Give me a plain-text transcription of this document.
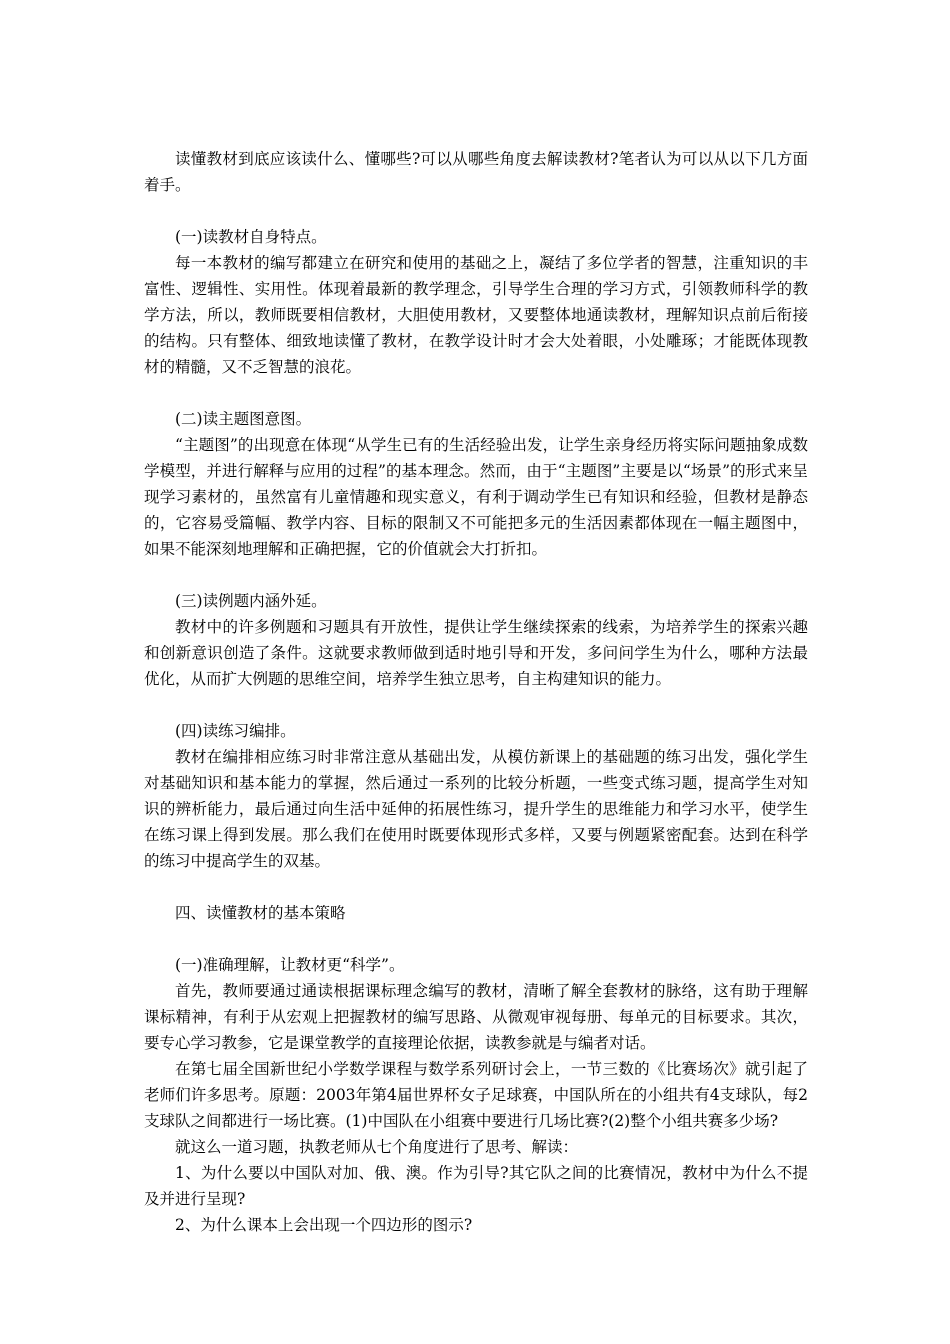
读懂教材到底应该读什么、懂哪些?可以从哪些角度去解读教材?笔者认为可以从以下几方面着手。

(一)读教材自身特点。

每一本教材的编写都建立在研究和使用的基础之上，凝结了多位学者的智慧，注重知识的丰富性、逻辑性、实用性。体现着最新的教学理念，引导学生合理的学习方式，引领教师科学的教学方法，所以，教师既要相信教材，大胆使用教材，又要整体地通读教材，理解知识点前后衔接的结构。只有整体、细致地读懂了教材，在教学设计时才会大处着眼，小处雕琢；才能既体现教材的精髓，又不乏智慧的浪花。

(二)读主题图意图。

“主题图”的出现意在体现“从学生已有的生活经验出发，让学生亲身经历将实际问题抽象成数学模型，并进行解释与应用的过程”的基本理念。然而，由于“主题图”主要是以“场景”的形式来呈现学习素材的，虽然富有儿童情趣和现实意义，有利于调动学生已有知识和经验，但教材是静态的，它容易受篇幅、教学内容、目标的限制又不可能把多元的生活因素都体现在一幅主题图中，如果不能深刻地理解和正确把握，它的价值就会大打折扣。

(三)读例题内涵外延。

教材中的许多例题和习题具有开放性，提供让学生继续探索的线索，为培养学生的探索兴趣和创新意识创造了条件。这就要求教师做到适时地引导和开发，多问问学生为什么，哪种方法最优化，从而扩大例题的思维空间，培养学生独立思考，自主构建知识的能力。

(四)读练习编排。

教材在编排相应练习时非常注意从基础出发，从模仿新课上的基础题的练习出发，强化学生对基础知识和基本能力的掌握，然后通过一系列的比较分析题，一些变式练习题，提高学生对知识的辨析能力，最后通过向生活中延伸的拓展性练习，提升学生的思维能力和学习水平，使学生在练习课上得到发展。那么我们在使用时既要体现形式多样，又要与例题紧密配套。达到在科学的练习中提高学生的双基。

四、读懂教材的基本策略

(一)准确理解，让教材更“科学”。

首先，教师要通过通读根据课标理念编写的教材，清晰了解全套教材的脉络，这有助于理解课标精神，有利于从宏观上把握教材的编写思路、从微观审视每册、每单元的目标要求。其次，要专心学习教参，它是课堂教学的直接理论依据，读教参就是与编者对话。

在第七届全国新世纪小学数学课程与数学系列研讨会上，一节三数的《比赛场次》就引起了老师们许多思考。原题：2003年第4届世界杯女子足球赛，中国队所在的小组共有4支球队，每2支球队之间都进行一场比赛。(1)中国队在小组赛中要进行几场比赛?(2)整个小组共赛多少场?

就这么一道习题，执教老师从七个角度进行了思考、解读：

1、为什么要以中国队对加、俄、澳。作为引导?其它队之间的比赛情况，教材中为什么不提及并进行呈现?

2、为什么课本上会出现一个四边形的图示?
